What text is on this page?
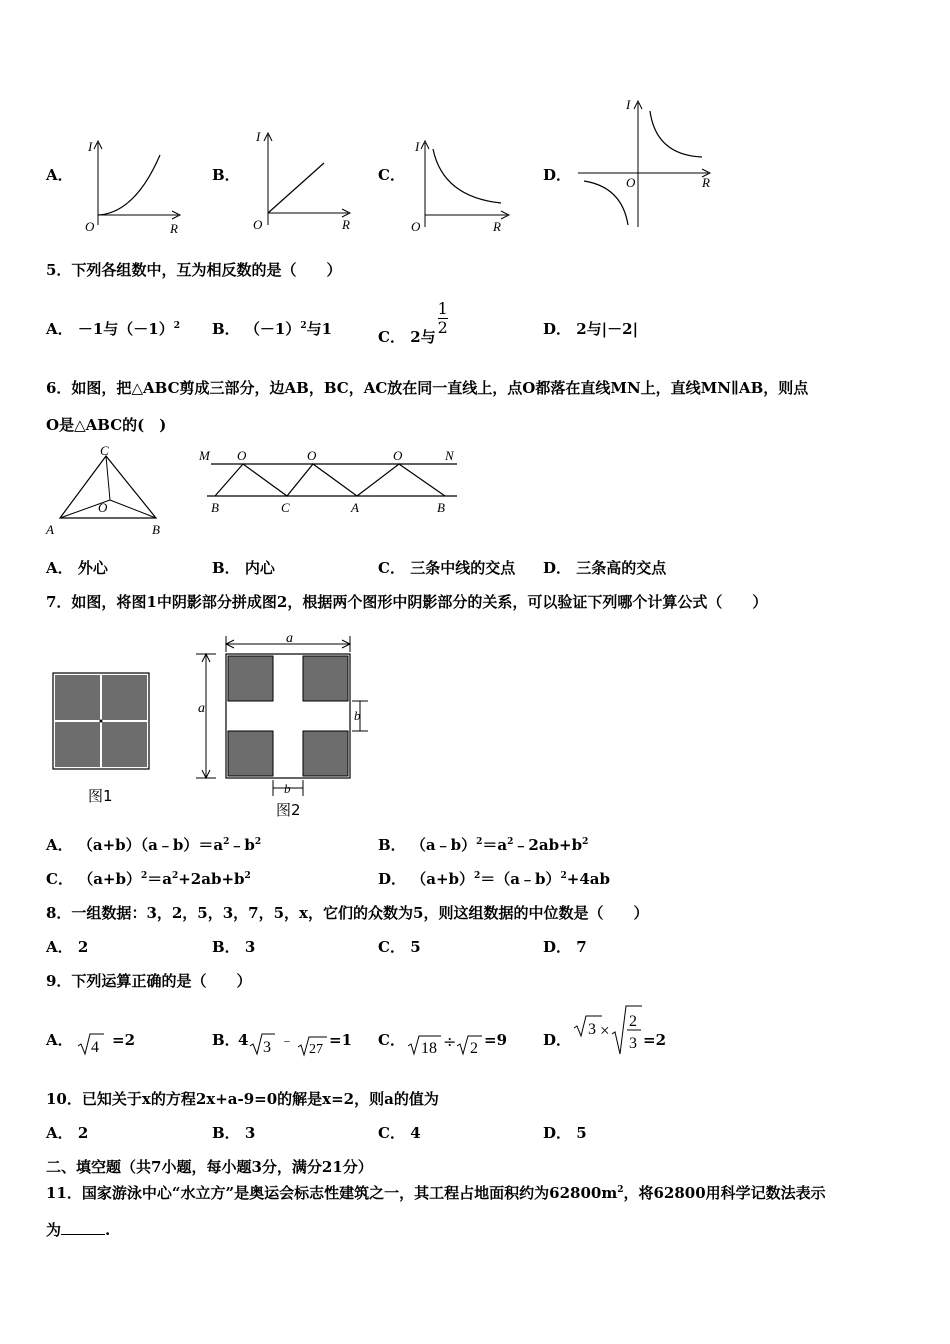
A．
I
O	R
B．
I
O	R
C．
I
O	R
D．
I
O	R
5．下列各组数中，互为相反数的是（　　）
A． －1与$(-1)^2$ B． $(-1)^2$与1	C． 2与 $\frac{1}{2}$	D． 2与|－2|
6．如图，把△ABC剪成三部分，边AB，BC，AC放在同一直线上，点O都落在直线MN上，直线MN∥AB，则点
O是△ABC的(　)
C
O
A	B
M	N
O	O	O
B	C	A	B
A． 外心	B． 内心	C． 三条中线的交点 D． 三条高的交点
7．如图，将图1中阴影部分拼成图2，根据两个图形中阴影部分的关系，可以验证下列哪个计算公式（　　）
图1
a
a	b
b
图2
A． $(a+b)(a﹣b)=a^2﹣b^2$	B． $(a﹣b)^2=a^2﹣2ab+b^2$
C． $(a+b)^2=a^2+2ab+b^2$	D． $(a+b)^2=(a﹣b)^2+4ab$
8．一组数据：3，2，5，3，7，5，x，它们的众数为5，则这组数据的中位数是（　　）
A． 2	B． 3	C． 5	D． 7
9．下列运算正确的是（　　）
A． 4 =2	B．
4 3 ﹣
27
=1 C． 18 ÷ 2 =9 D．
3 × 2
3 =2
10．已知关于x的方程2x+a-9=0的解是x=2，则a的值为
A． 2	B． 3	C． 4	D． 5
二、填空题（共7小题，每小题3分，满分21分）
11．国家游泳中心“水立方”是奥运会标志性建筑之一，其工程占地面积约为$62800m^2$，将62800用科学记数法表示
为	.
